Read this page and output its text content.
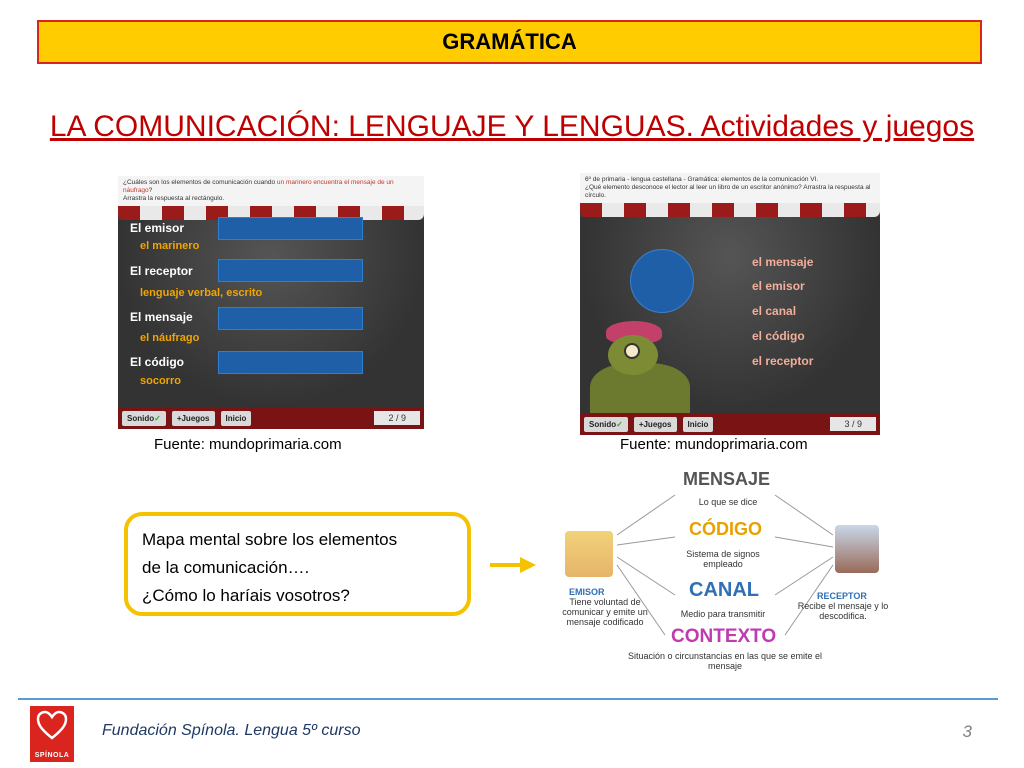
GRAMÁTICA
LA COMUNICACIÓN: LENGUAJE Y LENGUAS. Actividades y juegos
¿Cuáles son los elementos de comunicación cuando un marinero encuentra el mensaje de un náufrago?
Arrastra la respuesta al rectángulo.
El emisor
el marinero
El receptor
lenguaje verbal, escrito
El mensaje
el náufrago
El código
socorro
Sonido✓	+Juegos	Inicio	2 / 9
Fuente: mundoprimaria.com
6º de primaria - lengua castellana - Gramática: elementos de la comunicación VI.
¿Qué elemento desconoce el lector al leer un libro de un escritor anónimo? Arrastra la respuesta al círculo.
el mensaje
el emisor
el canal
el código
el receptor
Sonido✓	+Juegos	Inicio	3 / 9
Fuente: mundoprimaria.com
Mapa mental sobre los elementos
de la comunicación….
¿Cómo lo haríais vosotros?
MENSAJE
Lo que se dice
CÓDIGO
Sistema de signos
empleado
CANAL
Medio para transmitir
CONTEXTO
Situación o circunstancias en las que se emite el
mensaje
EMISOR
Tiene voluntad de
comunicar y emite un
mensaje codificado
RECEPTOR
Recibe el mensaje y lo
descodifica.
SPÍNOLA
Fundación Spínola. Lengua 5º curso	3
